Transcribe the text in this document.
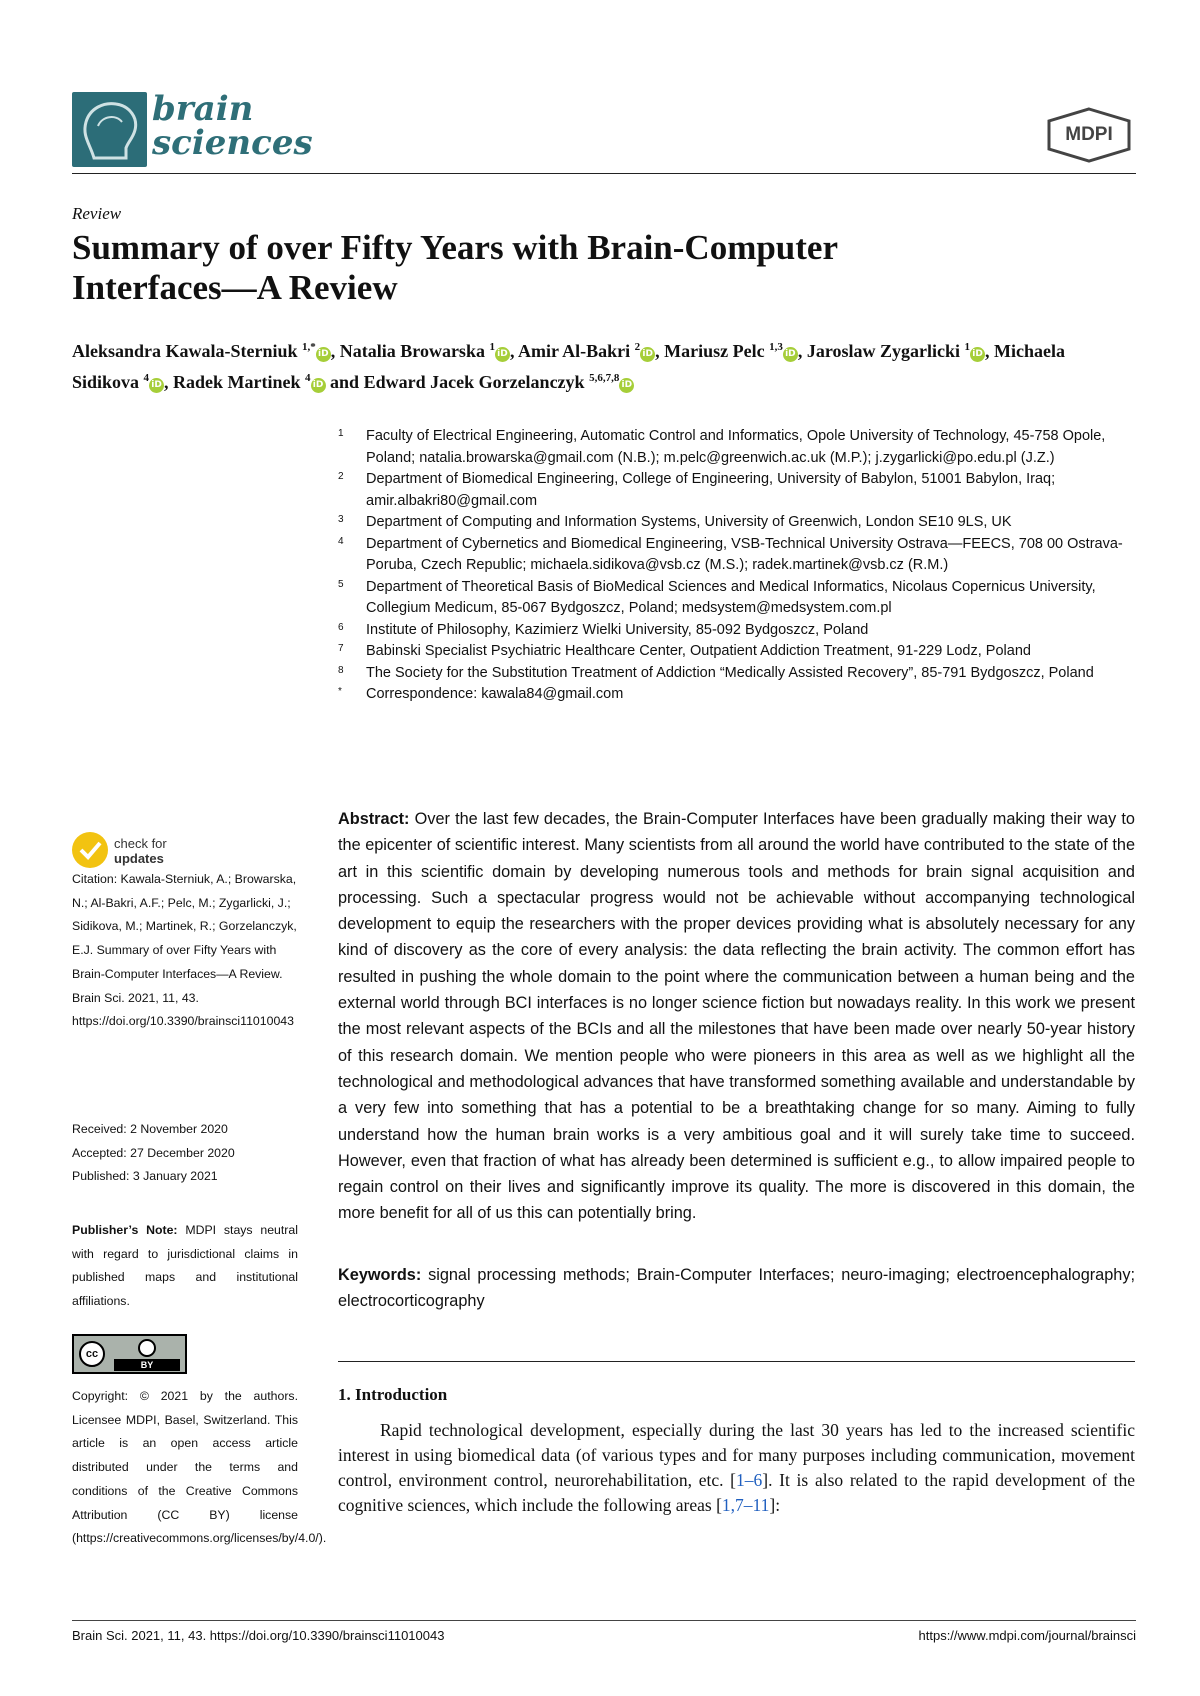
brain
sciences	MDPI
Review
Summary of over Fifty Years with Brain-Computer Interfaces—A Review
Aleksandra Kawala-Sterniuk $^{1,*}$iD , Natalia Browarska $^1$iD , Amir Al-Bakri $^2$iD , Mariusz Pelc $^{1,3}$iD , Jaroslaw Zygarlicki $^1$iD , Michaela Sidikova $^4$iD , Radek Martinek $^4$iD and Edward Jacek Gorzelanczyk $^{5,6,7,8}$iD
1 Faculty of Electrical Engineering, Automatic Control and Informatics, Opole University of Technology, 45-758 Opole, Poland; natalia.browarska@gmail.com (N.B.); m.pelc@greenwich.ac.uk (M.P.); j.zygarlicki@po.edu.pl (J.Z.)
2 Department of Biomedical Engineering, College of Engineering, University of Babylon, 51001 Babylon, Iraq; amir.albakri80@gmail.com
3 Department of Computing and Information Systems, University of Greenwich, London SE10 9LS, UK
4 Department of Cybernetics and Biomedical Engineering, VSB-Technical University Ostrava—FEECS, 708 00 Ostrava-Poruba, Czech Republic; michaela.sidikova@vsb.cz (M.S.); radek.martinek@vsb.cz (R.M.)
5 Department of Theoretical Basis of BioMedical Sciences and Medical Informatics, Nicolaus Copernicus University, Collegium Medicum, 85-067 Bydgoszcz, Poland; medsystem@medsystem.com.pl
6 Institute of Philosophy, Kazimierz Wielki University, 85-092 Bydgoszcz, Poland
7 Babinski Specialist Psychiatric Healthcare Center, Outpatient Addiction Treatment, 91-229 Lodz, Poland
8 The Society for the Substitution Treatment of Addiction “Medically Assisted Recovery”, 85-791 Bydgoszcz, Poland
* Correspondence: kawala84@gmail.com
check for
updates
Citation: Kawala-Sterniuk, A.; Browarska, N.; Al-Bakri, A.F.; Pelc, M.; Zygarlicki, J.; Sidikova, M.; Martinek, R.; Gorzelanczyk, E.J. Summary of over Fifty Years with Brain-Computer Interfaces—A Review. Brain Sci. 2021, 11, 43. https://doi.org/10.3390/brainsci11010043
Received: 2 November 2020
Accepted: 27 December 2020
Published: 3 January 2021
Publisher’s Note: MDPI stays neutral with regard to jurisdictional claims in published maps and institutional affiliations.
cc
BY
Copyright: © 2021 by the authors. Licensee MDPI, Basel, Switzerland. This article is an open access article distributed under the terms and conditions of the Creative Commons Attribution (CC BY) license (https://creativecommons.org/licenses/by/4.0/).
Abstract: Over the last few decades, the Brain-Computer Interfaces have been gradually making their way to the epicenter of scientific interest. Many scientists from all around the world have contributed to the state of the art in this scientific domain by developing numerous tools and methods for brain signal acquisition and processing. Such a spectacular progress would not be achievable without accompanying technological development to equip the researchers with the proper devices providing what is absolutely necessary for any kind of discovery as the core of every analysis: the data reflecting the brain activity. The common effort has resulted in pushing the whole domain to the point where the communication between a human being and the external world through BCI interfaces is no longer science fiction but nowadays reality. In this work we present the most relevant aspects of the BCIs and all the milestones that have been made over nearly 50-year history of this research domain. We mention people who were pioneers in this area as well as we highlight all the technological and methodological advances that have transformed something available and understandable by a very few into something that has a potential to be a breathtaking change for so many. Aiming to fully understand how the human brain works is a very ambitious goal and it will surely take time to succeed. However, even that fraction of what has already been determined is sufficient e.g., to allow impaired people to regain control on their lives and significantly improve its quality. The more is discovered in this domain, the more benefit for all of us this can potentially bring.
Keywords: signal processing methods; Brain-Computer Interfaces; neuro-imaging; electroencephalography; electrocorticography
1. Introduction
Rapid technological development, especially during the last 30 years has led to the increased scientific interest in using biomedical data (of various types and for many purposes including communication, movement control, environment control, neurorehabilitation, etc. [1–6]. It is also related to the rapid development of the cognitive sciences, which include the following areas [1,7–11]:
Brain Sci. 2021, 11, 43. https://doi.org/10.3390/brainsci11010043	https://www.mdpi.com/journal/brainsci
